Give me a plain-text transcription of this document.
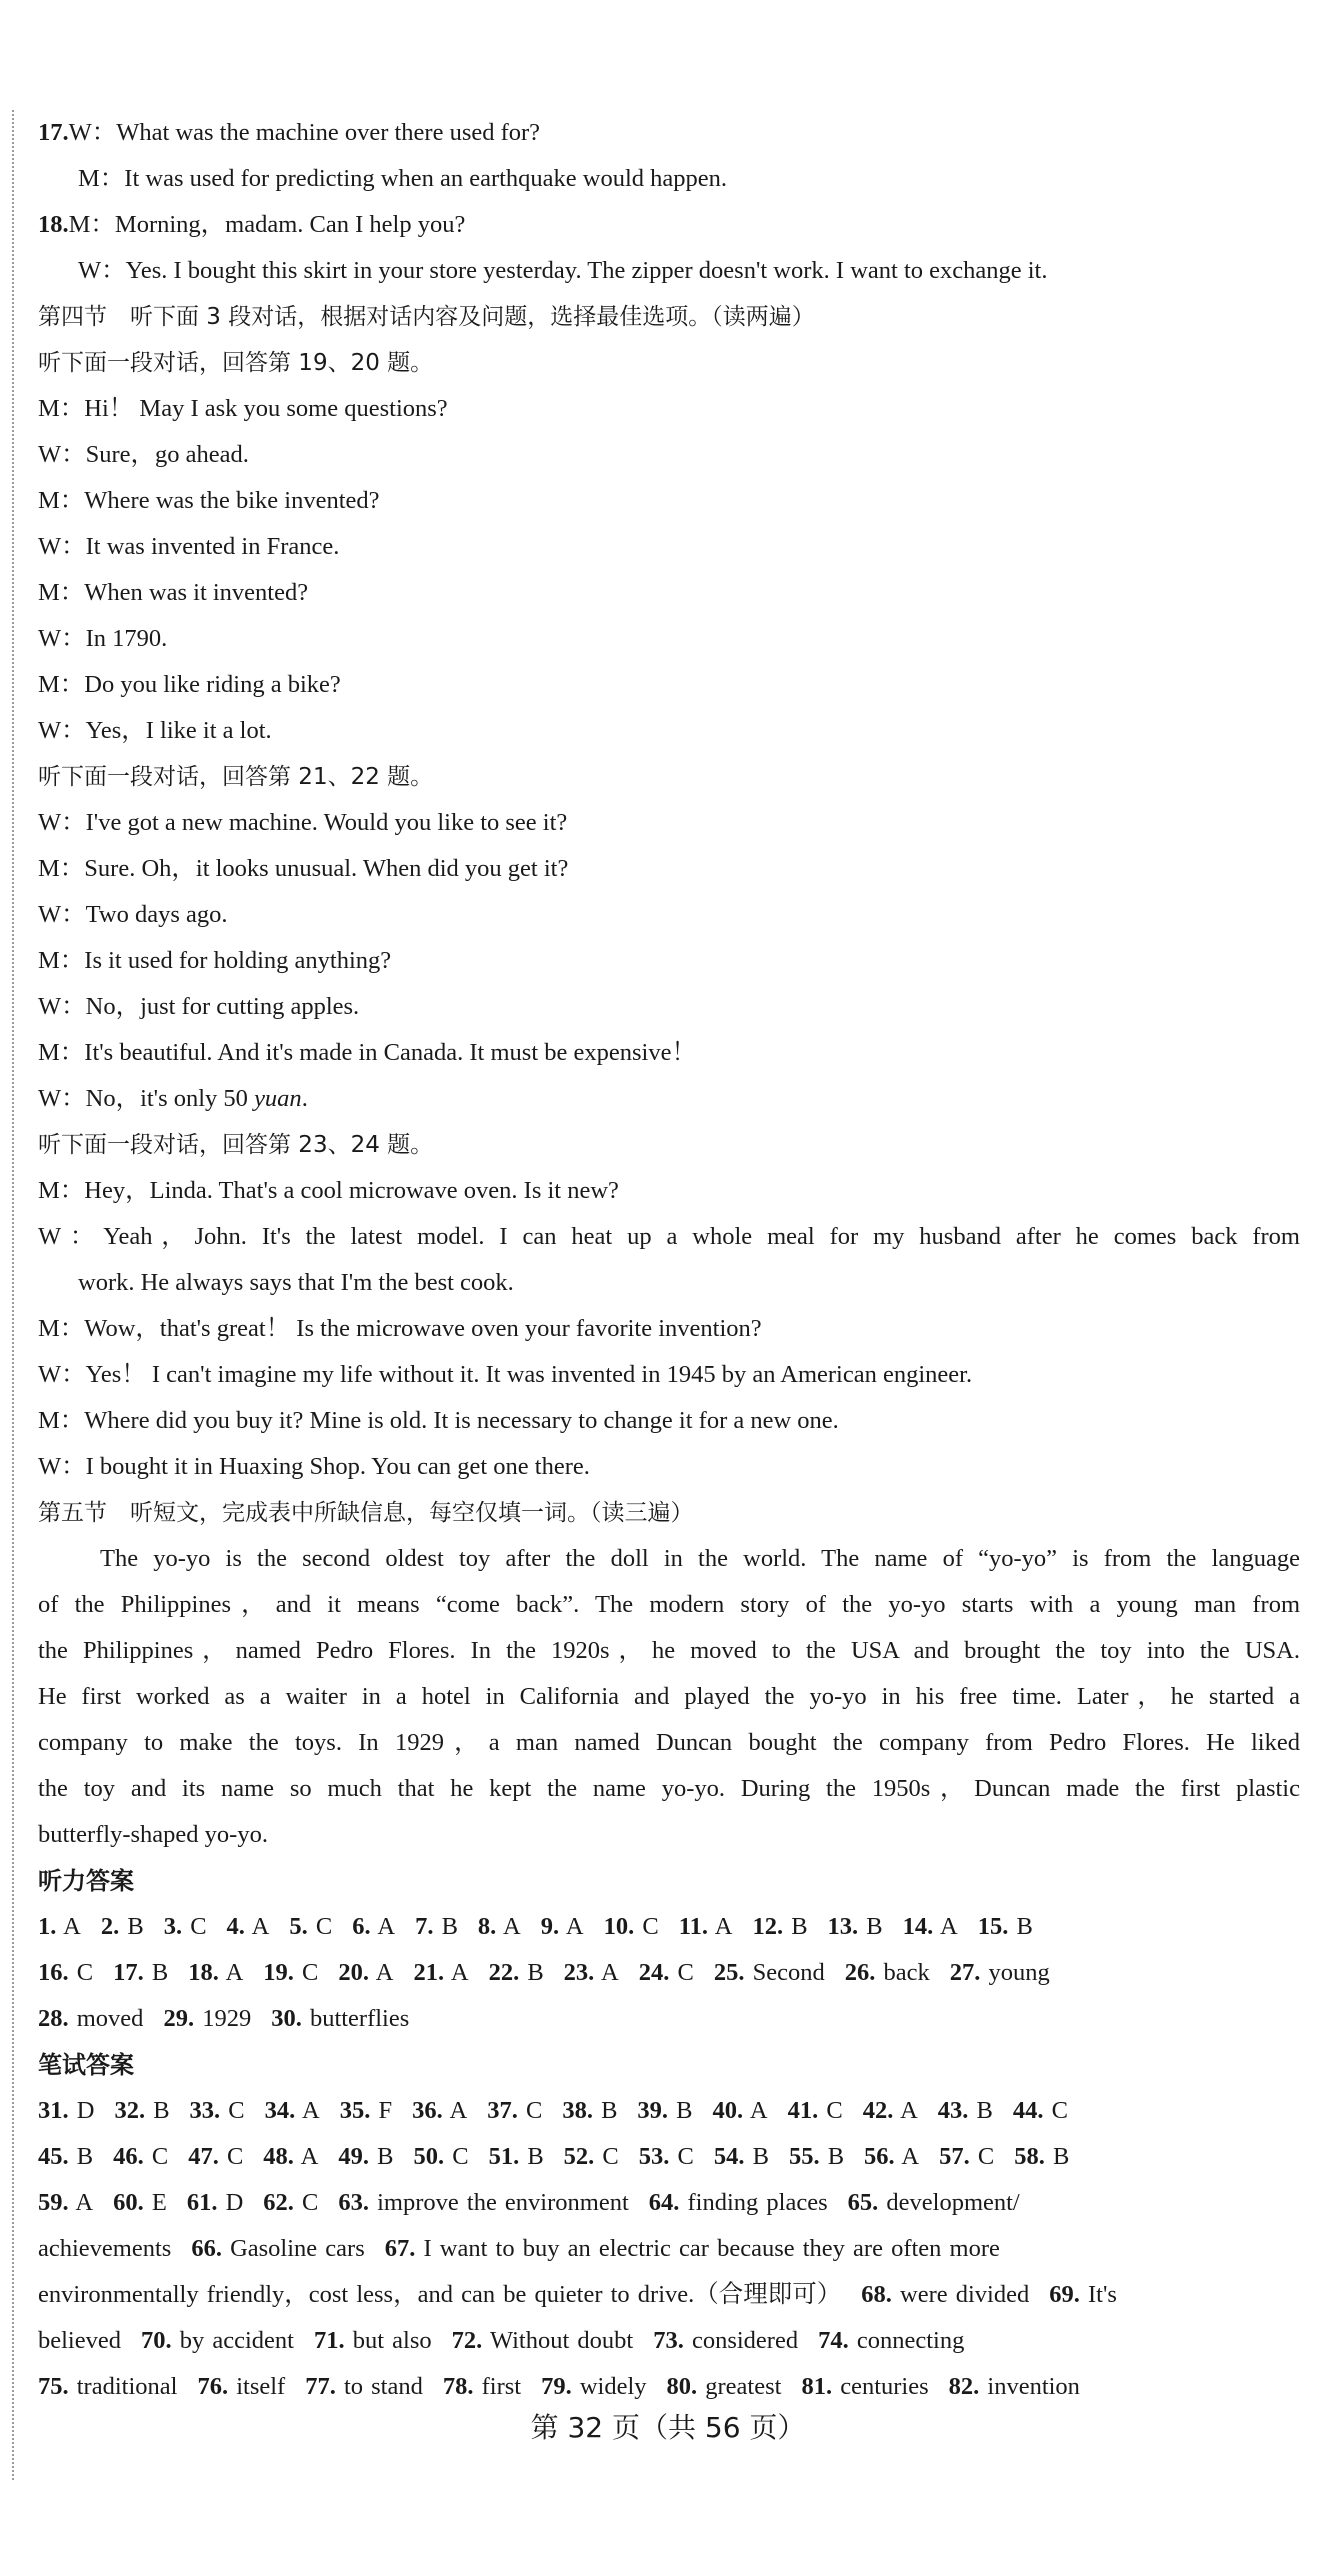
17.W：What was the machine over there used for?
M：It was used for predicting when an earthquake would happen.
18.M：Morning，madam. Can I help you?
W：Yes. I bought this skirt in your store yesterday. The zipper doesn't work. I want to exchange it.
第四节　听下面 3 段对话，根据对话内容及问题，选择最佳选项。（读两遍）
听下面一段对话，回答第 19、20 题。
M：Hi！ May I ask you some questions?
W：Sure，go ahead.
M：Where was the bike invented?
W：It was invented in France.
M：When was it invented?
W：In 1790.
M：Do you like riding a bike?
W：Yes，I like it a lot.
听下面一段对话，回答第 21、22 题。
W：I've got a new machine. Would you like to see it?
M：Sure. Oh，it looks unusual. When did you get it?
W：Two days ago.
M：Is it used for holding anything?
W：No，just for cutting apples.
M：It's beautiful. And it's made in Canada. It must be expensive！
W：No，it's only 50 yuan.
听下面一段对话，回答第 23、24 题。
M：Hey，Linda. That's a cool microwave oven. Is it new?
W：Yeah，John. It's the latest model. I can heat up a whole meal for my husband after he comes back from
work. He always says that I'm the best cook.
M：Wow，that's great！ Is the microwave oven your favorite invention?
W：Yes！ I can't imagine my life without it. It was invented in 1945 by an American engineer.
M：Where did you buy it? Mine is old. It is necessary to change it for a new one.
W：I bought it in Huaxing Shop. You can get one there.
第五节　听短文，完成表中所缺信息，每空仅填一词。（读三遍）
The yo-yo is the second oldest toy after the doll in the world. The name of “yo-yo” is from the language
of the Philippines，and it means “come back”. The modern story of the yo-yo starts with a young man from
the Philippines，named Pedro Flores. In the 1920s，he moved to the USA and brought the toy into the USA.
He first worked as a waiter in a hotel in California and played the yo-yo in his free time. Later，he started a
company to make the toys. In 1929，a man named Duncan bought the company from Pedro Flores. He liked
the toy and its name so much that he kept the name yo-yo. During the 1950s，Duncan made the first plastic
butterfly-shaped yo-yo.
听力答案
1. A 2. B 3. C 4. A 5. C 6. A 7. B 8. A 9. A 10. C 11. A 12. B 13. B 14. A 15. B
16. C 17. B 18. A 19. C 20. A 21. A 22. B 23. A 24. C 25. Second 26. back 27. young
28. moved 29. 1929 30. butterflies
笔试答案
31. D 32. B 33. C 34. A 35. F 36. A 37. C 38. B 39. B 40. A 41. C 42. A 43. B 44. C
45. B 46. C 47. C 48. A 49. B 50. C 51. B 52. C 53. C 54. B 55. B 56. A 57. C 58. B
59. A 60. E 61. D 62. C 63. improve the environment 64. finding places 65. development/
achievements 66. Gasoline cars 67. I want to buy an electric car because they are often more
environmentally friendly，cost less，and can be quieter to drive.（合理即可） 68. were divided 69. It's
believed 70. by accident 71. but also 72. Without doubt 73. considered 74. connecting
75. traditional 76. itself 77. to stand 78. first 79. widely 80. greatest 81. centuries 82. invention
第 32 页（共 56 页）
